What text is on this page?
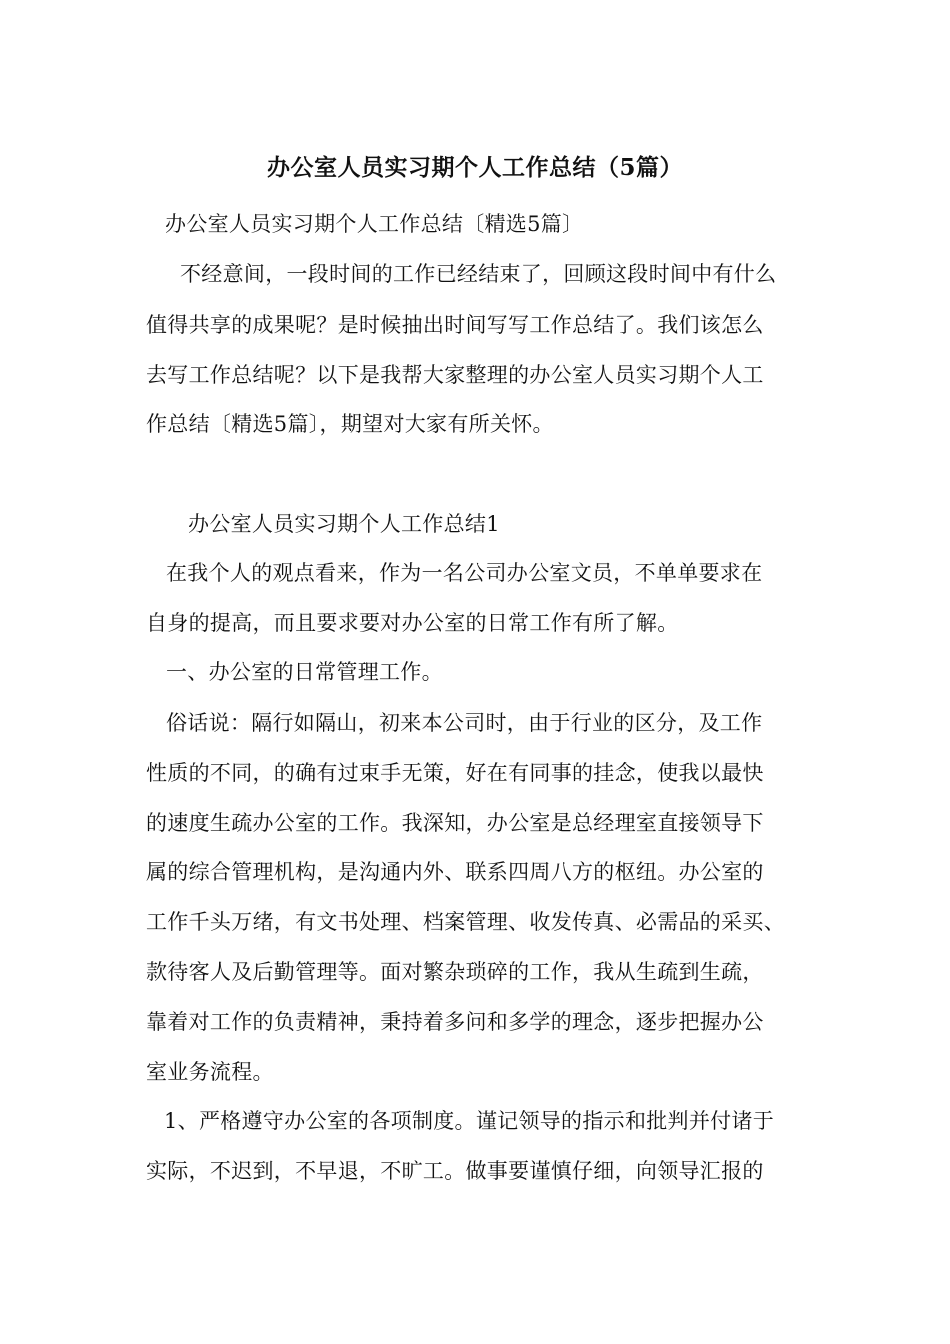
办公室人员实习期个人工作总结（5篇）
办公室人员实习期个人工作总结〔精选5篇〕
不经意间，一段时间的工作已经结束了，回顾这段时间中有什么
值得共享的成果呢？是时候抽出时间写写工作总结了。我们该怎么
去写工作总结呢？以下是我帮大家整理的办公室人员实习期个人工
作总结〔精选5篇〕，期望对大家有所关怀。
办公室人员实习期个人工作总结1
在我个人的观点看来，作为一名公司办公室文员，不单单要求在
自身的提高，而且要求要对办公室的日常工作有所了解。
一、办公室的日常管理工作。
俗话说：隔行如隔山，初来本公司时，由于行业的区分，及工作
性质的不同，的确有过束手无策，好在有同事的挂念，使我以最快
的速度生疏办公室的工作。我深知，办公室是总经理室直接领导下
属的综合管理机构，是沟通内外、联系四周八方的枢纽。办公室的
工作千头万绪，有文书处理、档案管理、收发传真、必需品的采买、
款待客人及后勤管理等。面对繁杂琐碎的工作，我从生疏到生疏，
靠着对工作的负责精神，秉持着多问和多学的理念，逐步把握办公
室业务流程。
1、严格遵守办公室的各项制度。谨记领导的指示和批判并付诸于
实际，不迟到，不早退，不旷工。做事要谨慎仔细，向领导汇报的
